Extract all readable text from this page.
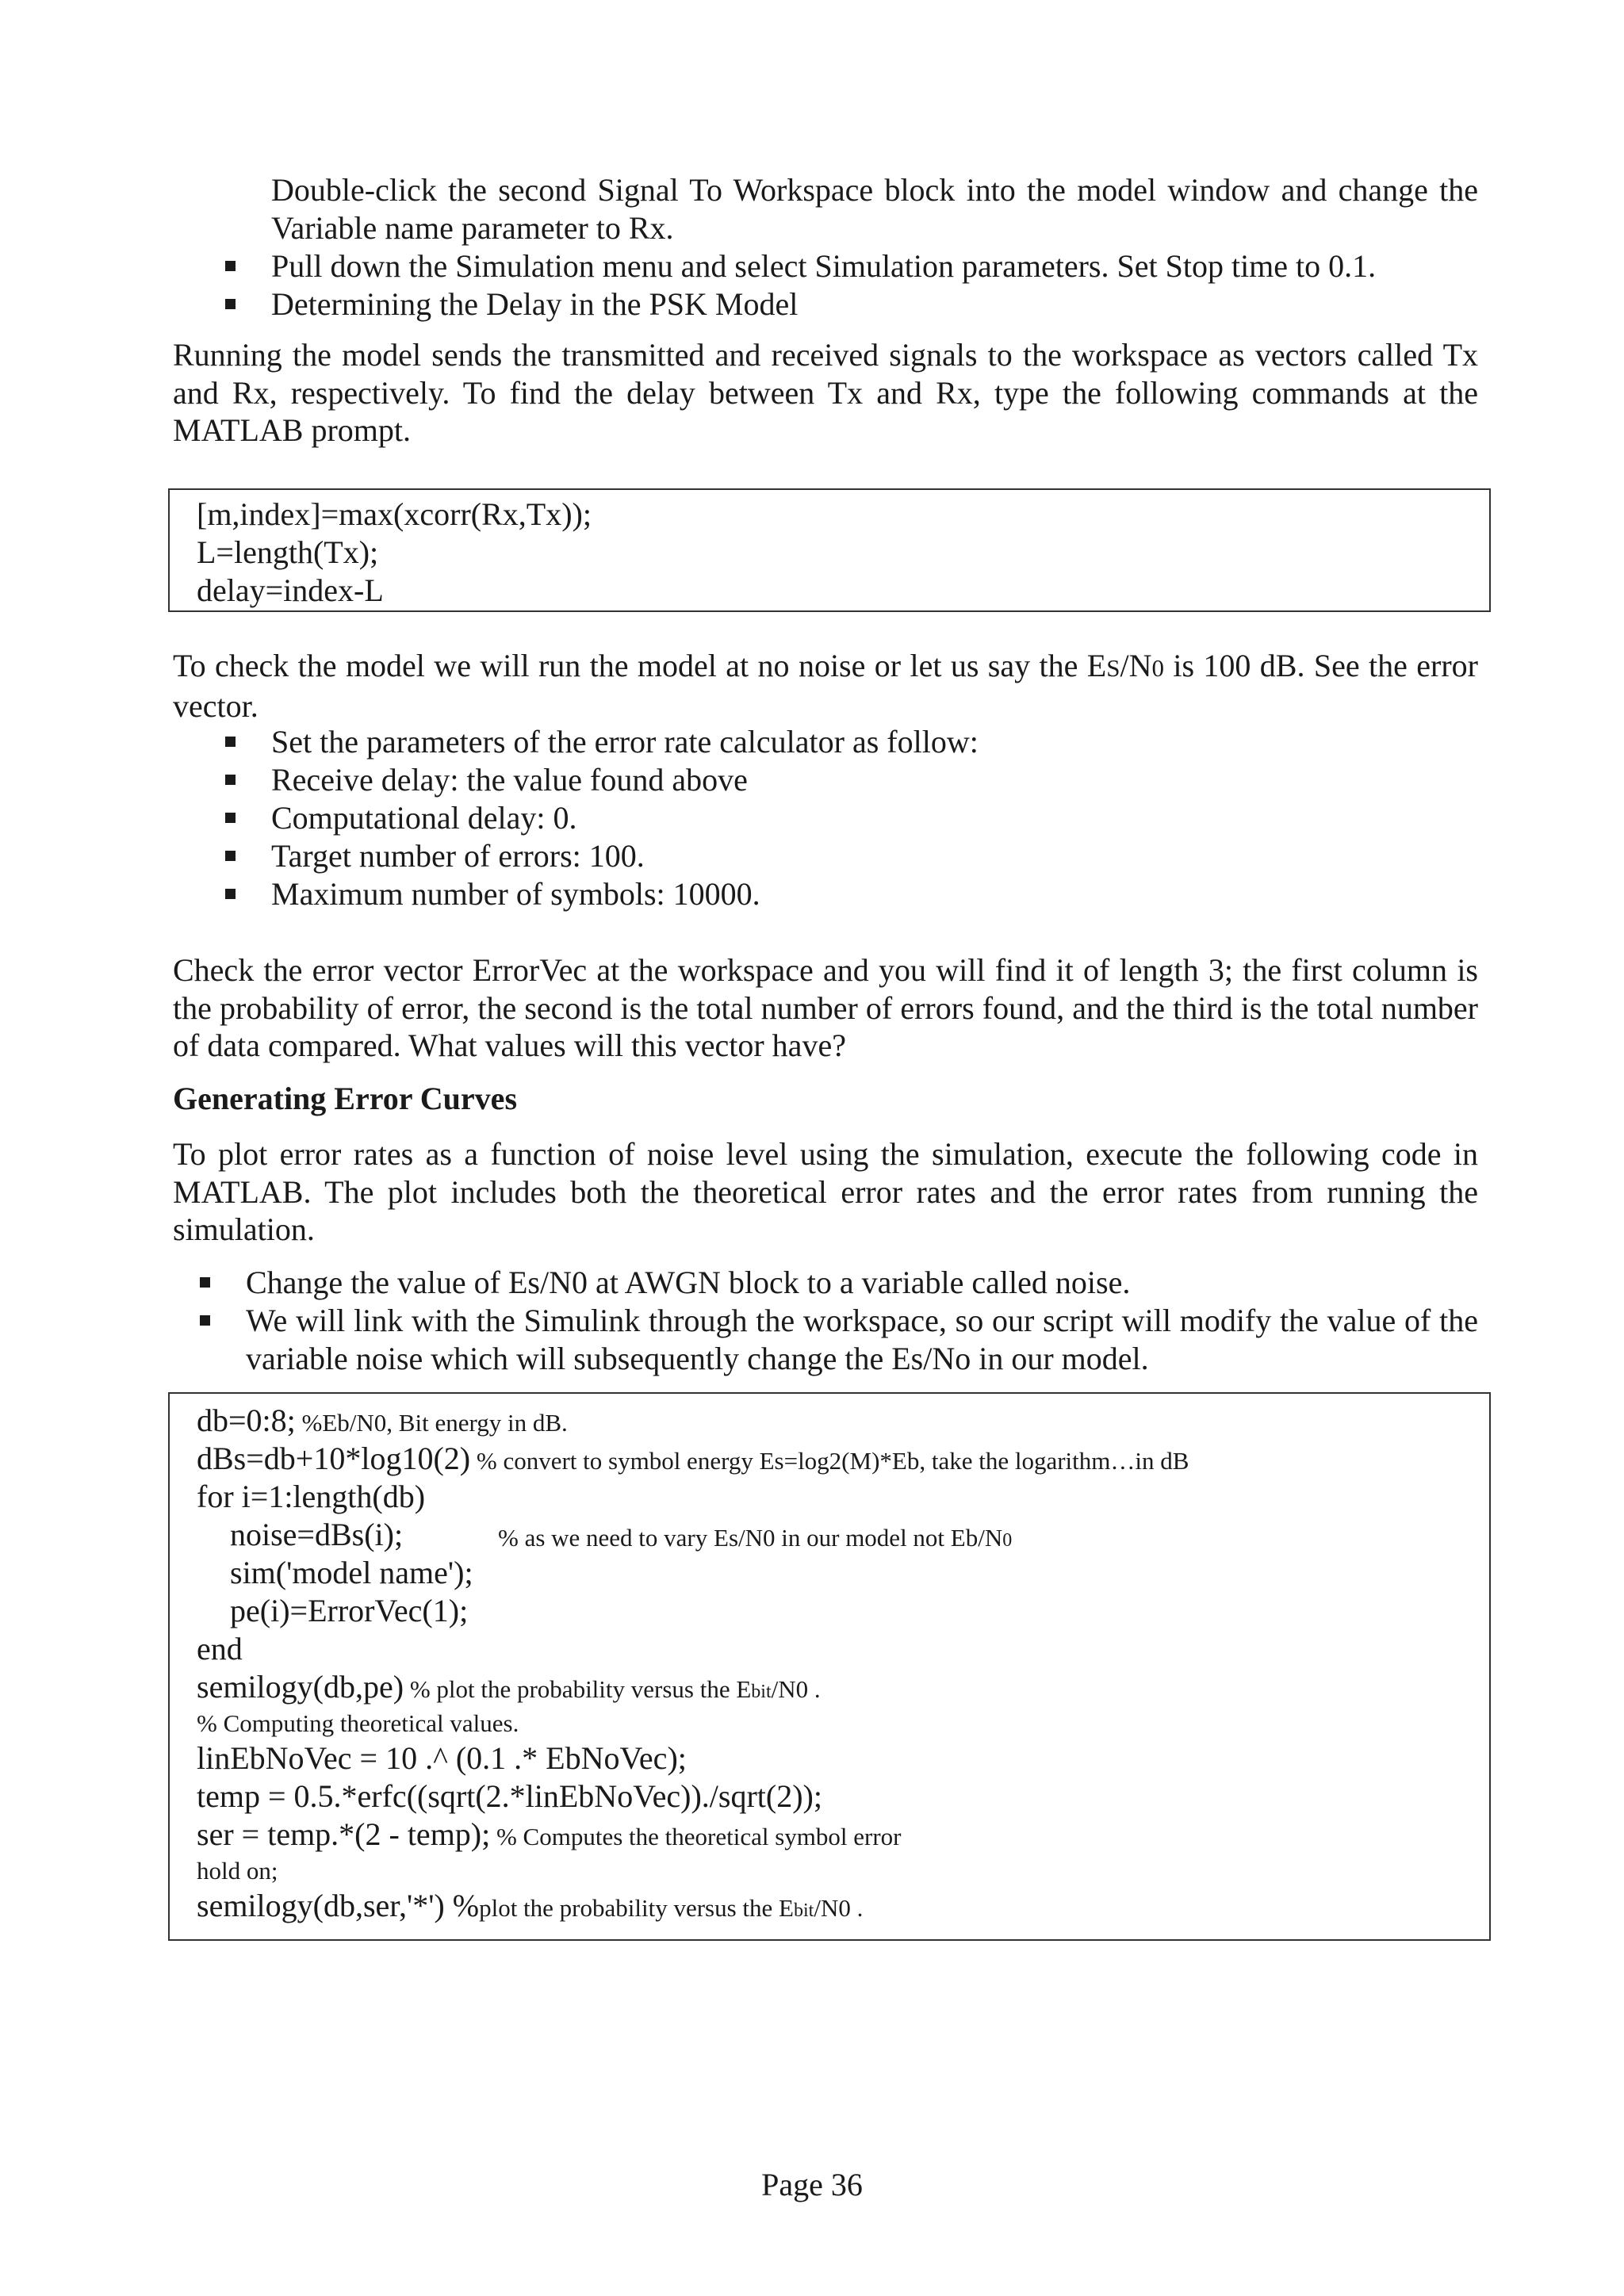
Double-click the second Signal To Workspace block into the model window and change the Variable name parameter to Rx.

Pull down the Simulation menu and select Simulation parameters. Set Stop time to 0.1.
Determining the Delay in the PSK Model

Running the model sends the transmitted and received signals to the workspace as vectors called Tx and Rx, respectively. To find the delay between Tx and Rx, type the following commands at the MATLAB prompt.

[m,index]=max(xcorr(Rx,Tx));
L=length(Tx);
delay=index-L

To check the model we will run the model at no noise or let us say the ES/N0 is 100 dB. See the error vector.

Set the parameters of the error rate calculator as follow:
Receive delay: the value found above
Computational delay: 0.
Target number of errors: 100.
Maximum number of symbols: 10000.

Check the error vector ErrorVec at the workspace and you will find it of length 3; the first column is the probability of error, the second is the total number of errors found, and the third is the total number of data compared. What values will this vector have?

Generating Error Curves

To plot error rates as a function of noise level using the simulation, execute the following code in MATLAB. The plot includes both the theoretical error rates and the error rates from running the simulation.

Change the value of Es/N0 at AWGN block to a variable called noise.
We will link with the Simulink through the workspace, so our script will modify the value of the variable noise which will subsequently change the Es/No in our model.
db=0:8; %Eb/N0, Bit energy in dB.
dBs=db+10*log10(2) % convert to symbol energy Es=log2(M)*Eb, take the logarithm…in dB
for i=1:length(db)
noise=dBs(i);	% as we need to vary Es/N0 in our model not Eb/N0
sim('model name');
pe(i)=ErrorVec(1);
end
semilogy(db,pe) % plot the probability versus the Ebit/N0 .
% Computing theoretical values.
linEbNoVec = 10 .^ (0.1 .* EbNoVec);
temp = 0.5.*erfc((sqrt(2.*linEbNoVec))./sqrt(2));
ser = temp.*(2 - temp); % Computes the theoretical symbol error
hold on;
semilogy(db,ser,'*') %plot the probability versus the Ebit/N0 .
Page 36
